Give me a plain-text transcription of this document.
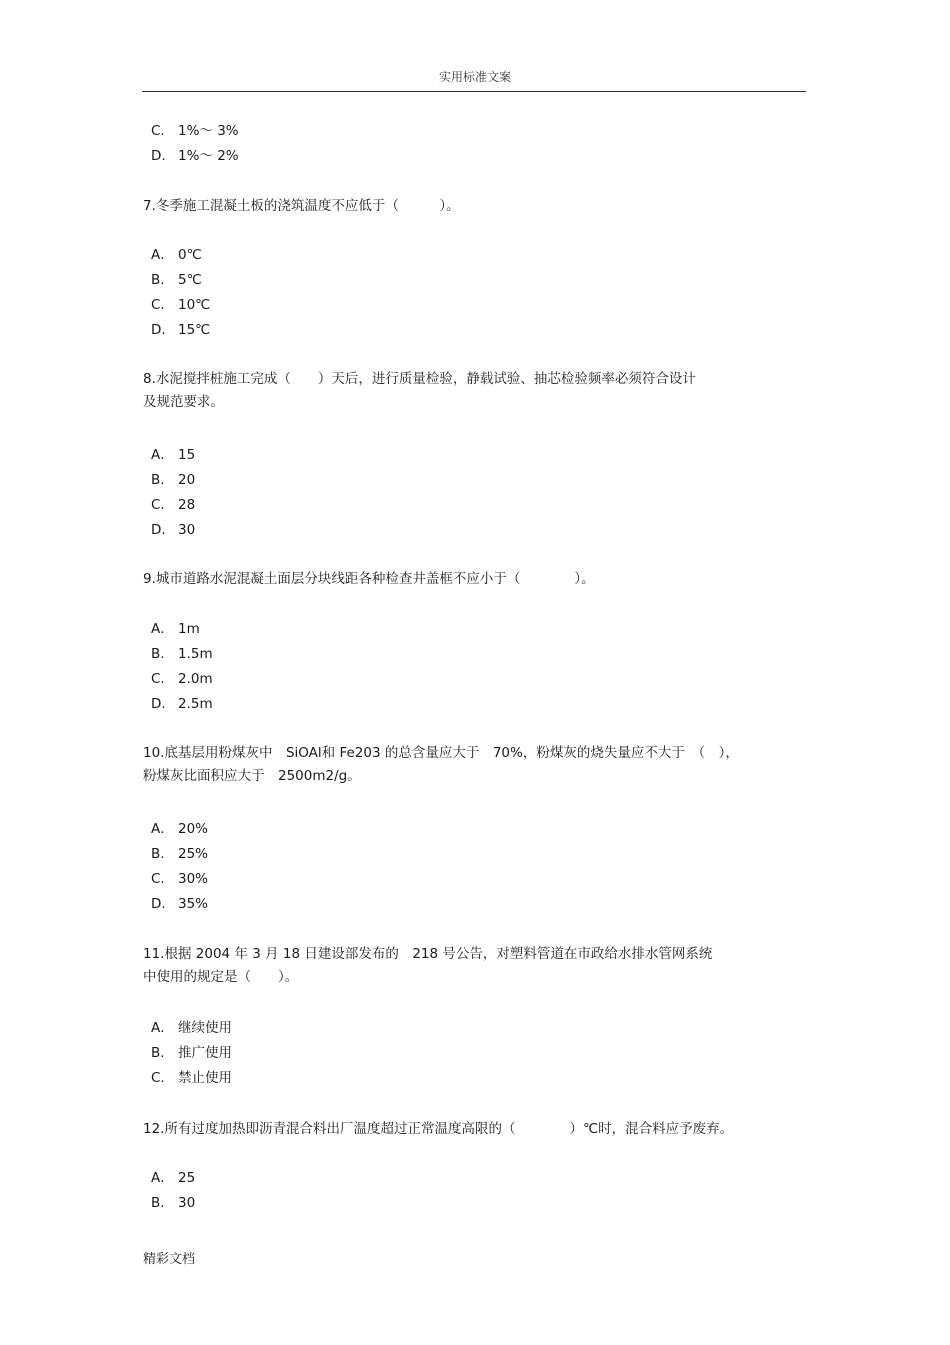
实用标准文案
C. 1%～ 3%
D. 1%～ 2%
7.冬季施工混凝土板的浇筑温度不应低于（　　　）。
A． 0℃
B. 5℃
C. 10℃
D. 15℃
8.水泥搅拌桩施工完成（　　）天后，进行质量检验，静载试验、抽芯检验频率必须符合设计
及规范要求。
A． 15
B. 20
C. 28
D. 30
9.城市道路水泥混凝土面层分块线距各种检查井盖框不应小于（　　　　）。
A． 1m
B. 1.5m
C. 2.0m
D. 2.5m
10.底基层用粉煤灰中　SiOAl和 Fe203 的总含量应大于　70%，粉煤灰的烧失量应不大于　（　），
粉煤灰比面积应大于　2500m2/g。
A． 20%
B. 25%
C. 30%
D. 35%
11.根据 2004 年 3 月 18 日建设部发布的　218 号公告，对塑料管道在市政给水排水管网系统
中使用的规定是（　　）。
A． 继续使用
B. 推广使用
C. 禁止使用
12.所有过度加热即沥青混合料出厂温度超过正常温度高限的（　　　　）℃时，混合料应予废弃。
A． 25
B. 30
精彩文档
